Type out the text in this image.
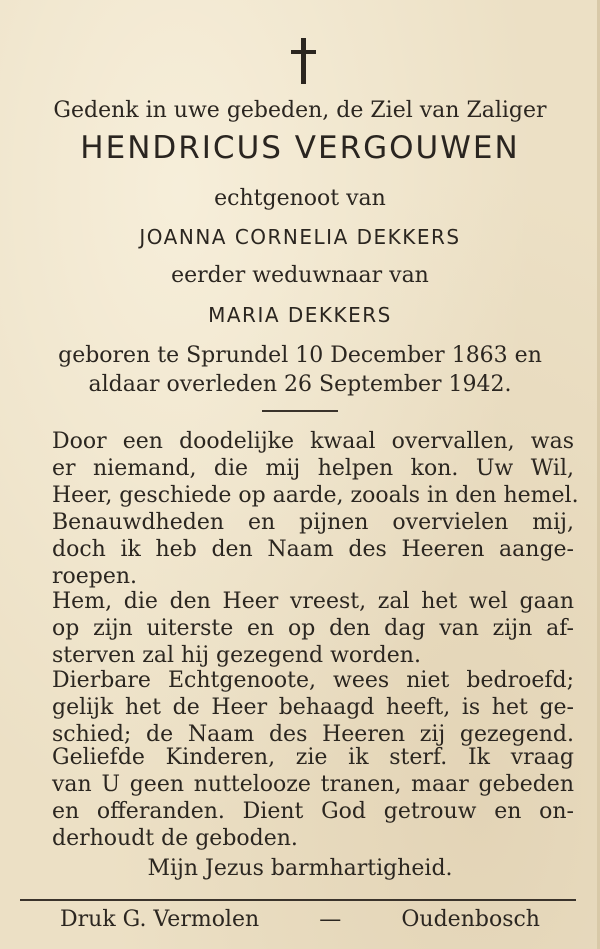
Gedenk in uwe gebeden, de Ziel van Zaliger
HENDRICUS VERGOUWEN
echtgenoot van
JOANNA CORNELIA DEKKERS
eerder weduwnaar van
MARIA DEKKERS
geboren te Sprundel 10 December 1863 en
aldaar overleden 26 September 1942.
Door een doodelijke kwaal overvallen, was
er niemand, die mij helpen kon. Uw Wil,
Heer, geschiede op aarde, zooals in den hemel.
Benauwdheden en pijnen overvielen mij,
doch ik heb den Naam des Heeren aange-
roepen.
Hem, die den Heer vreest, zal het wel gaan
op zijn uiterste en op den dag van zijn af-
sterven zal hij gezegend worden.
Dierbare Echtgenoote, wees niet bedroefd;
gelijk het de Heer behaagd heeft, is het ge-
schied; de Naam des Heeren zij gezegend.
Geliefde Kinderen, zie ik sterf. Ik vraag
van U geen nuttelooze tranen, maar gebeden
en offeranden. Dient God getrouw en on-
derhoudt de geboden.
Mijn Jezus barmhartigheid.
Druk G. Vermolen	—	Oudenbosch
